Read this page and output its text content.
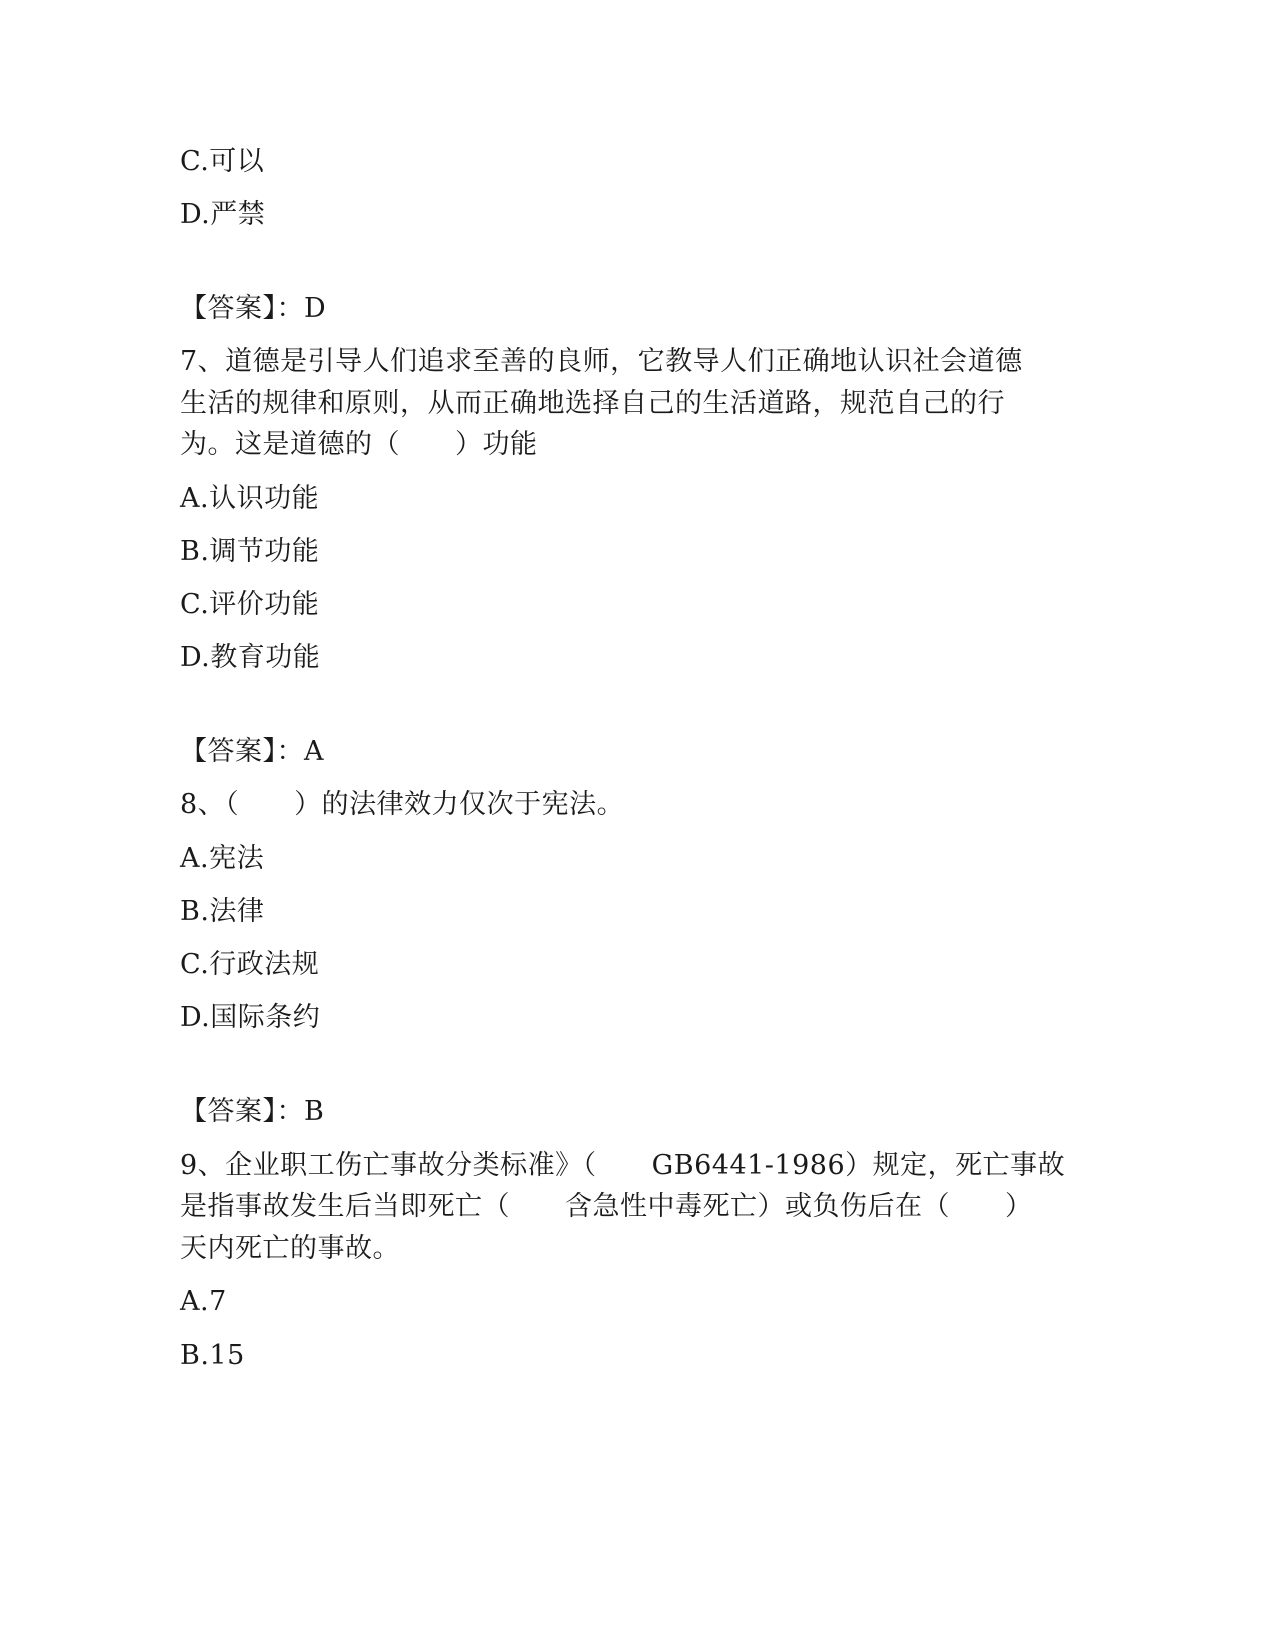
C.可以
D.严禁
【答案】：D
7、道德是引导人们追求至善的良师，它教导人们正确地认识社会道德
生活的规律和原则，从而正确地选择自己的生活道路，规范自己的行
为。这是道德的（　　）功能
A.认识功能
B.调节功能
C.评价功能
D.教育功能
【答案】：A
8、（　　）的法律效力仅次于宪法。
A.宪法
B.法律
C.行政法规
D.国际条约
【答案】：B
9、企业职工伤亡事故分类标准》（　　GB6441-1986）规定，死亡事故
是指事故发生后当即死亡（　　含急性中毒死亡）或负伤后在（　　）
天内死亡的事故。
A.7
B.15
